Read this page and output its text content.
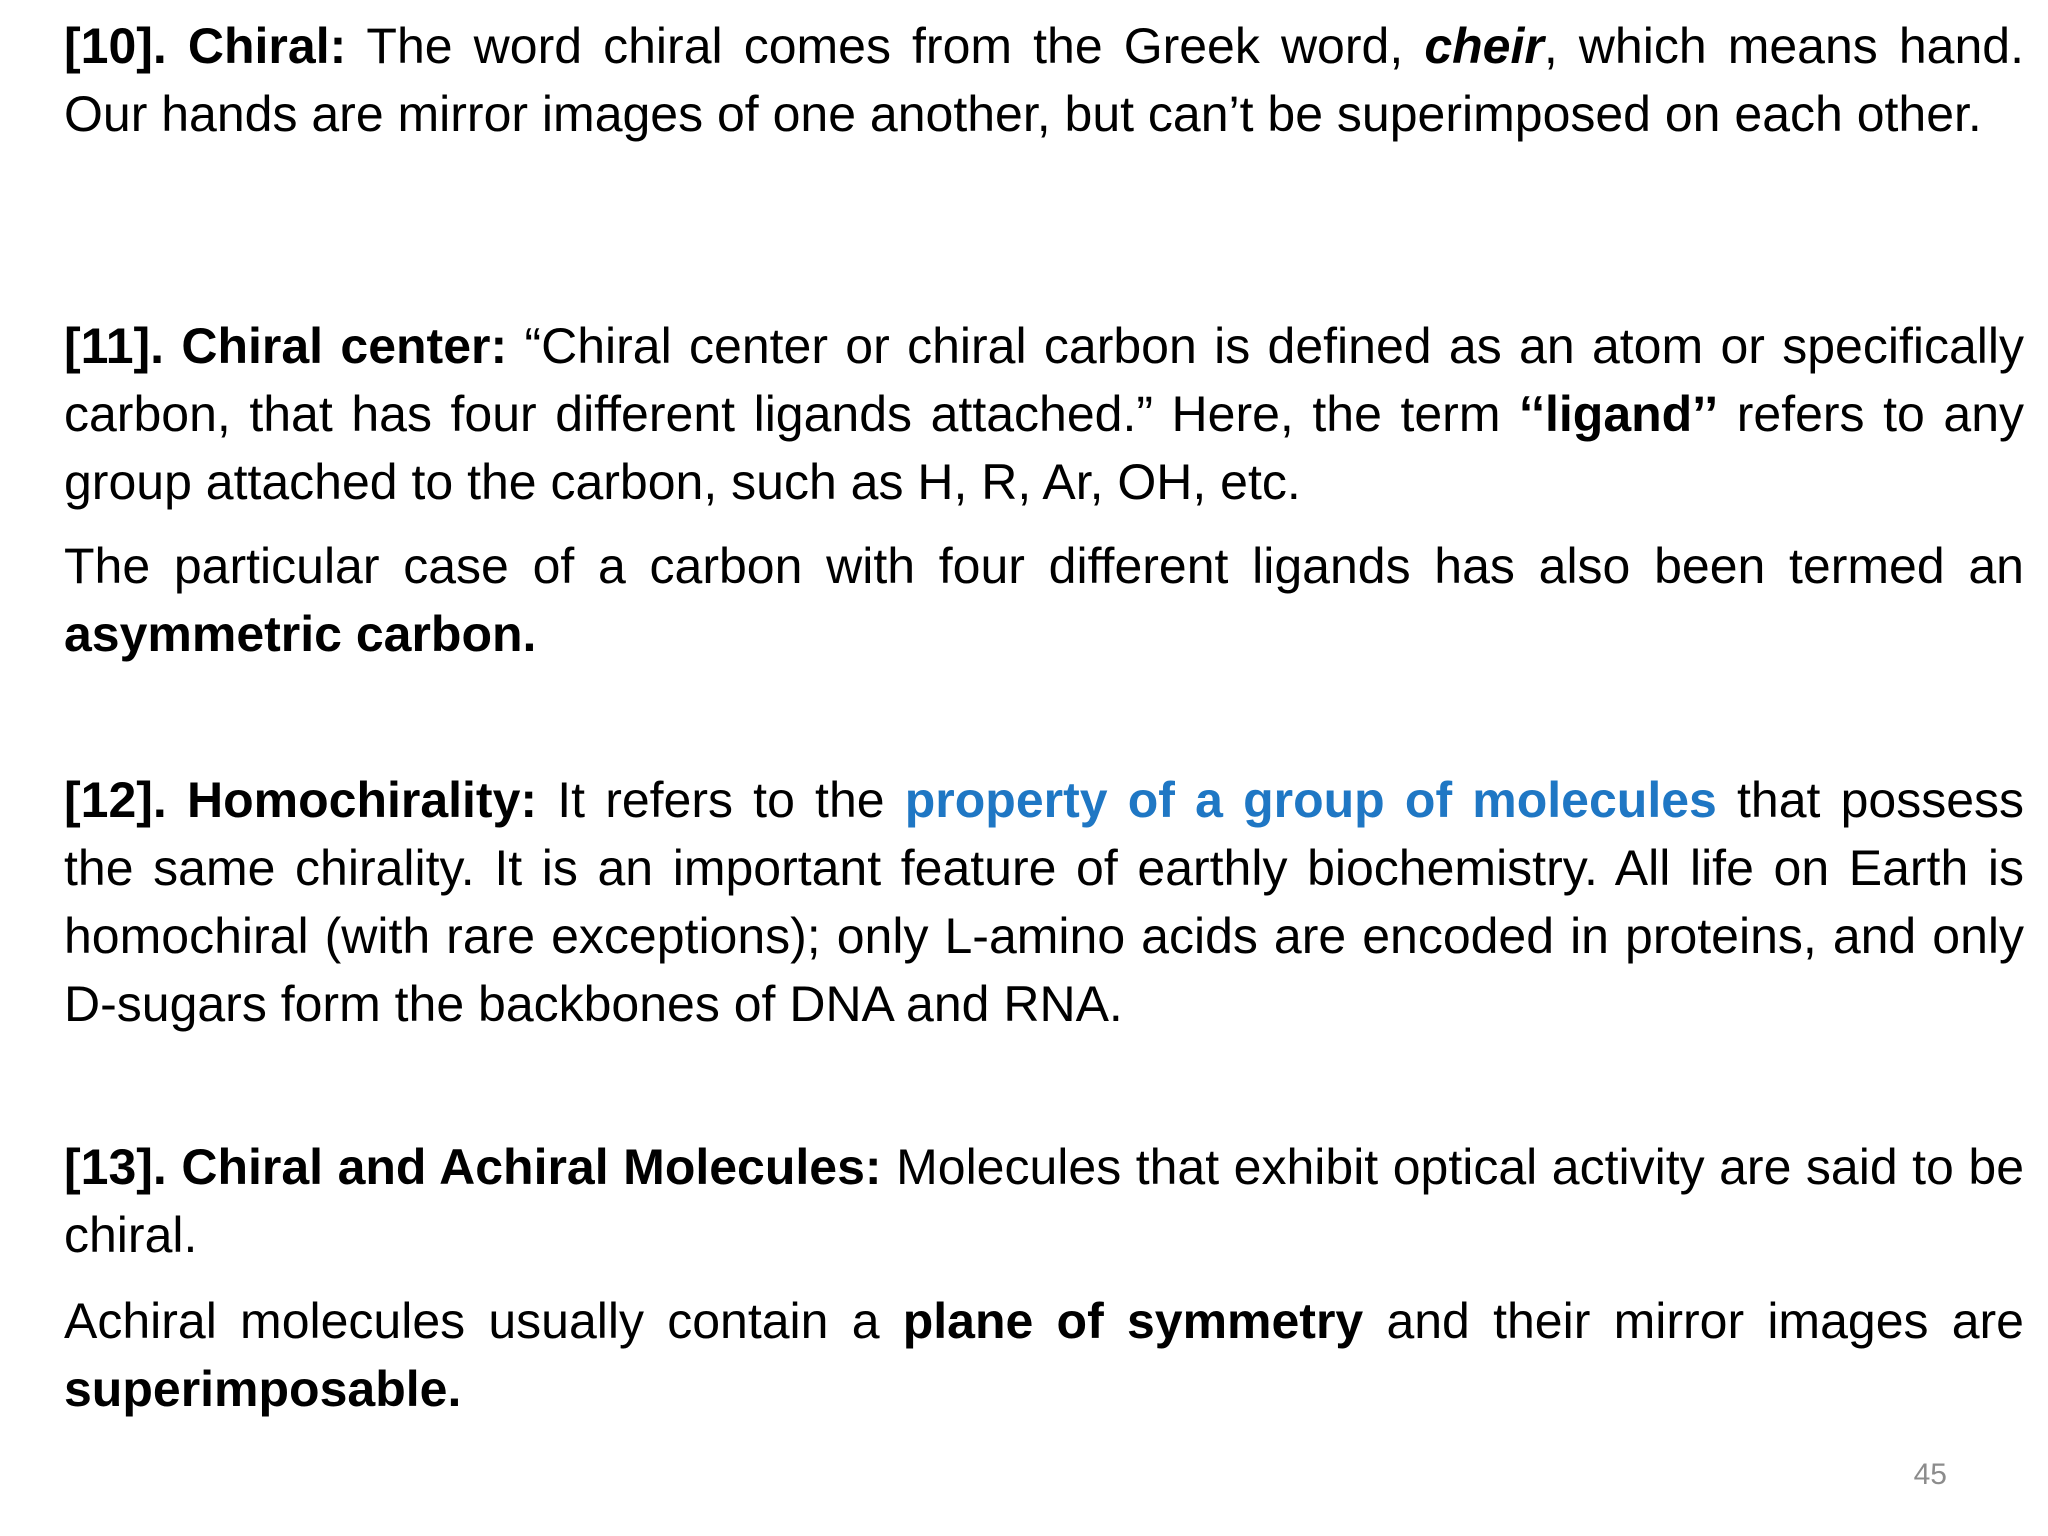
[10]. Chiral: The word chiral comes from the Greek word, cheir, which means hand. Our hands are mirror images of one another, but can’t be superimposed on each other.

[11]. Chiral center: “Chiral center or chiral carbon is defined as an atom or specifically carbon, that has four different ligands attached.” Here, the term ‘‘ligand’’ refers to any group attached to the carbon, such as H, R, Ar, OH, etc.

The particular case of a carbon with four different ligands has also been termed an asymmetric carbon.

[12]. Homochirality: It refers to the property of a group of molecules that possess the same chirality. It is an important feature of earthly biochemistry. All life on Earth is homochiral (with rare exceptions); only L-amino acids are encoded in proteins, and only D-sugars form the backbones of DNA and RNA.

[13]. Chiral and Achiral Molecules: Molecules that exhibit optical activity are said to be chiral.

Achiral molecules usually contain a plane of symmetry and their mirror images are superimposable.

45
